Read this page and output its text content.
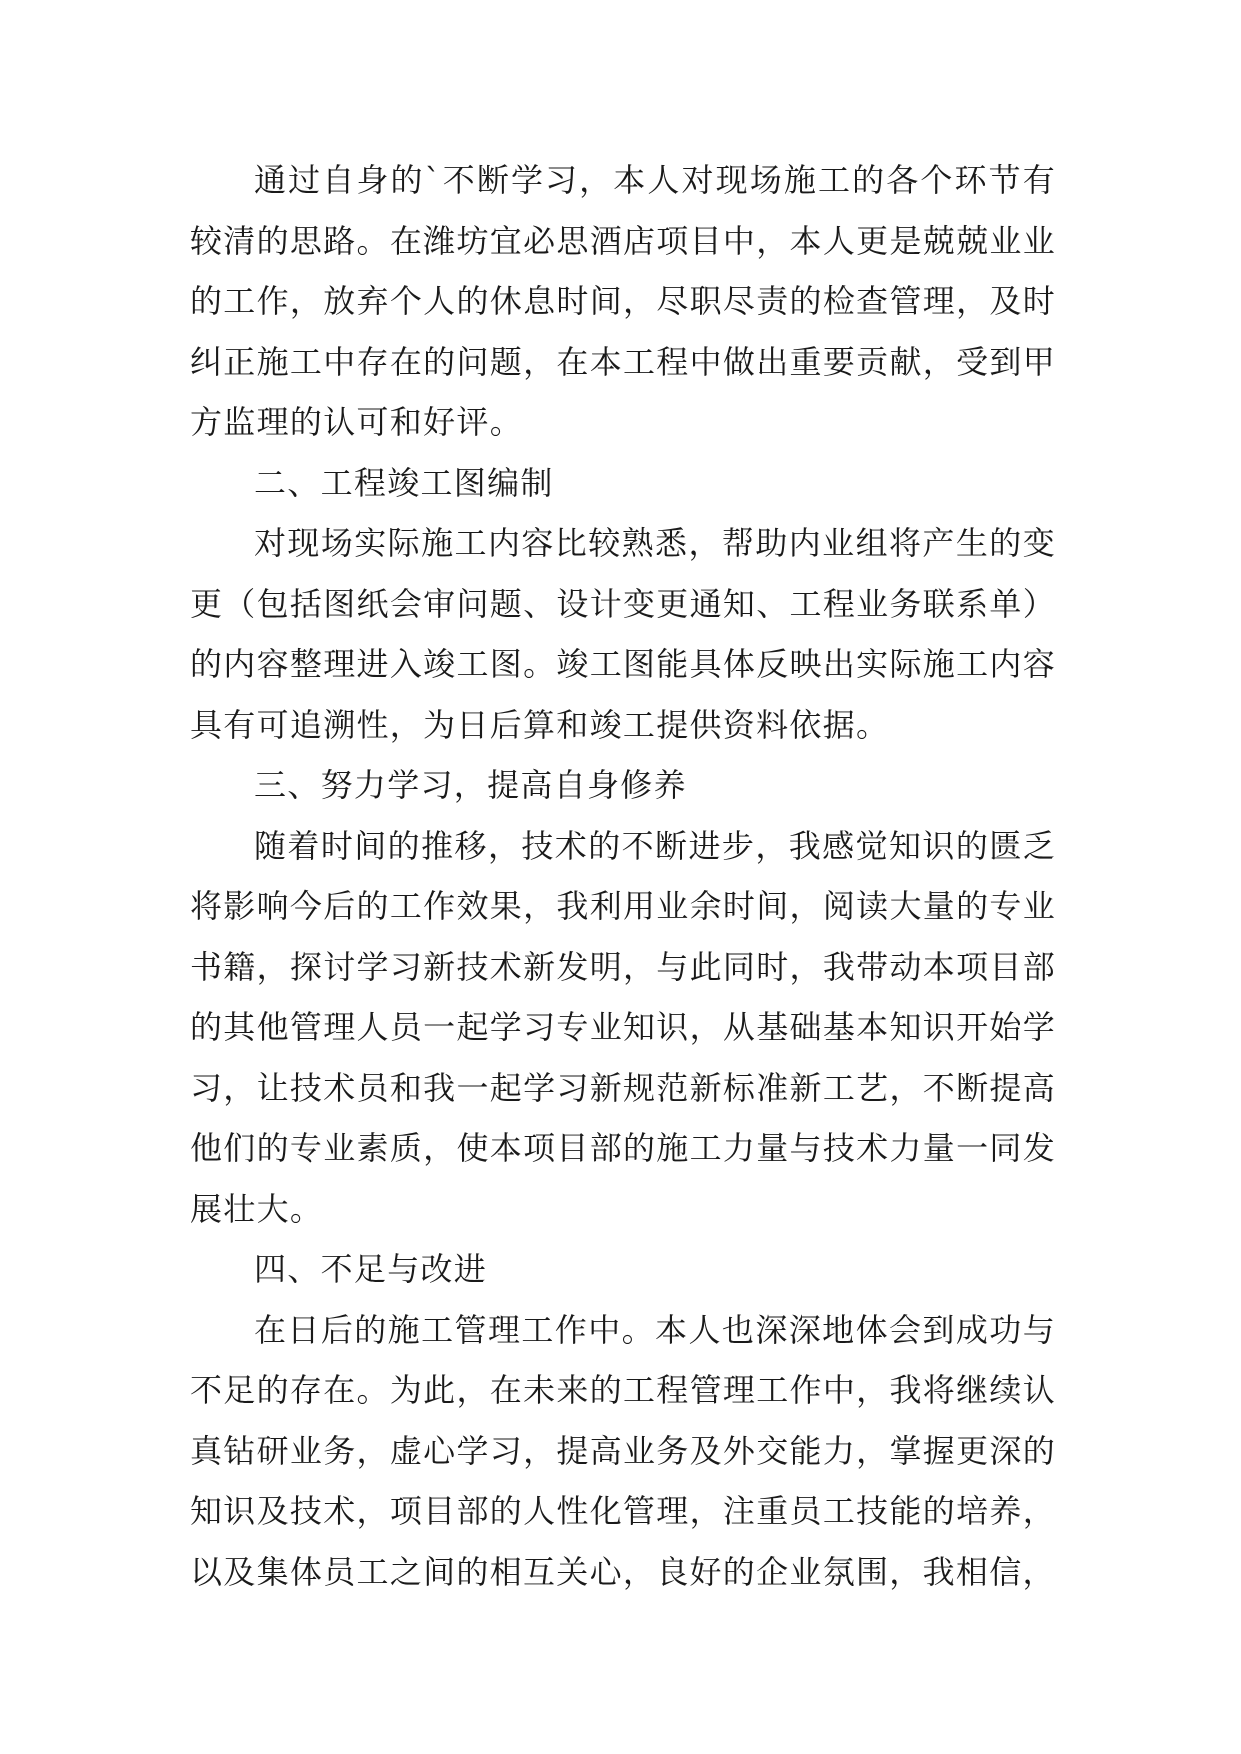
通过自身的`不断学习，本人对现场施工的各个环节有较清的思路。在潍坊宜必思酒店项目中，本人更是兢兢业业的工作，放弃个人的休息时间，尽职尽责的检查管理，及时纠正施工中存在的问题，在本工程中做出重要贡献，受到甲方监理的认可和好评。

二、工程竣工图编制

对现场实际施工内容比较熟悉，帮助内业组将产生的变更（包括图纸会审问题、设计变更通知、工程业务联系单）的内容整理进入竣工图。竣工图能具体反映出实际施工内容具有可追溯性，为日后算和竣工提供资料依据。

三、努力学习，提高自身修养

随着时间的推移，技术的不断进步，我感觉知识的匮乏将影响今后的工作效果，我利用业余时间，阅读大量的专业书籍，探讨学习新技术新发明，与此同时，我带动本项目部的其他管理人员一起学习专业知识，从基础基本知识开始学习，让技术员和我一起学习新规范新标准新工艺，不断提高他们的专业素质，使本项目部的施工力量与技术力量一同发展壮大。

四、不足与改进

在日后的施工管理工作中。本人也深深地体会到成功与不足的存在。为此，在未来的工程管理工作中，我将继续认真钻研业务，虚心学习，提高业务及外交能力，掌握更深的知识及技术，项目部的人性化管理，注重员工技能的培养，以及集体员工之间的相互关心，良好的企业氛围，我相信，
